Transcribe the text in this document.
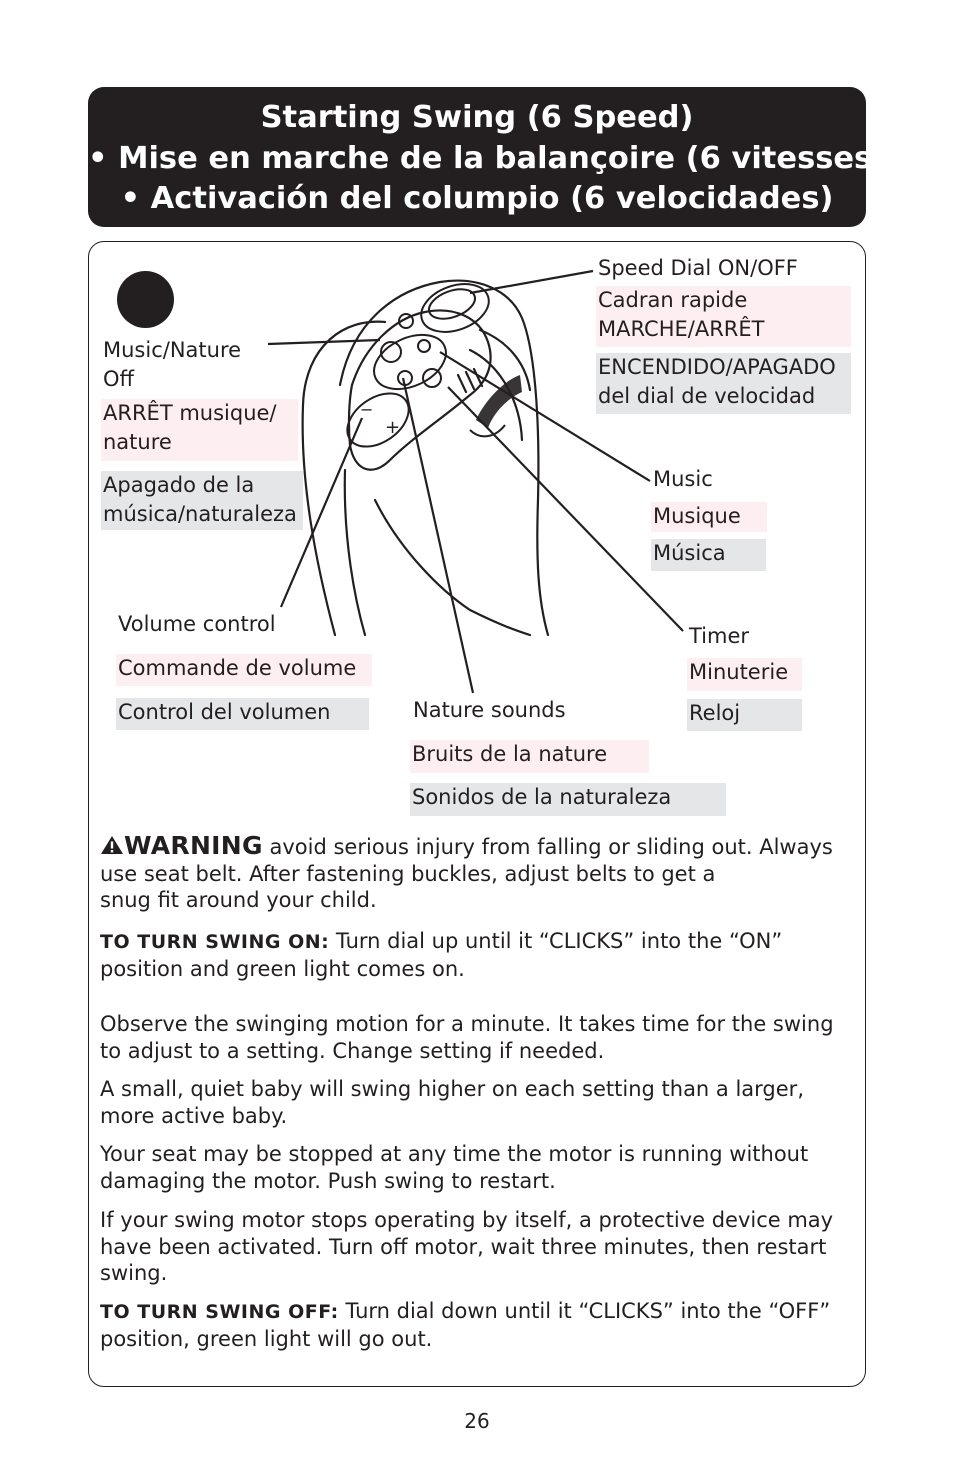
Starting Swing (6 Speed)
• Mise en marche de la balançoire (6 vitesses)
• Activación del columpio (6 velocidades)
−
+
Speed Dial ON/OFF
Cadran rapide
MARCHE/ARRÊT
ENCENDIDO/APAGADO
del dial de velocidad
Music/Nature
Off
ARRÊT musique/
nature
Apagado de la
música/naturaleza
Music
Musique
Música
Volume control
Commande de volume
Control del volumen
Timer
Minuterie
Reloj
Nature sounds
Bruits de la nature
Sonidos de la naturaleza

WARNING avoid serious injury from falling or sliding out. Always
use seat belt. After fastening buckles, adjust belts to get a
snug fit around your child.

TO TURN SWING ON: Turn dial up until it “CLICKS” into the “ON” position and green light comes on.

Observe the swinging motion for a minute. It takes time for the swing to adjust to a setting. Change setting if needed.

A small, quiet baby will swing higher on each setting than a larger, more active baby.

Your seat may be stopped at any time the motor is running without damaging the motor. Push swing to restart.

If your swing motor stops operating by itself, a protective device may have been activated. Turn off motor, wait three minutes, then restart swing.

TO TURN SWING OFF: Turn dial down until it “CLICKS” into the “OFF” position, green light will go out.

26
